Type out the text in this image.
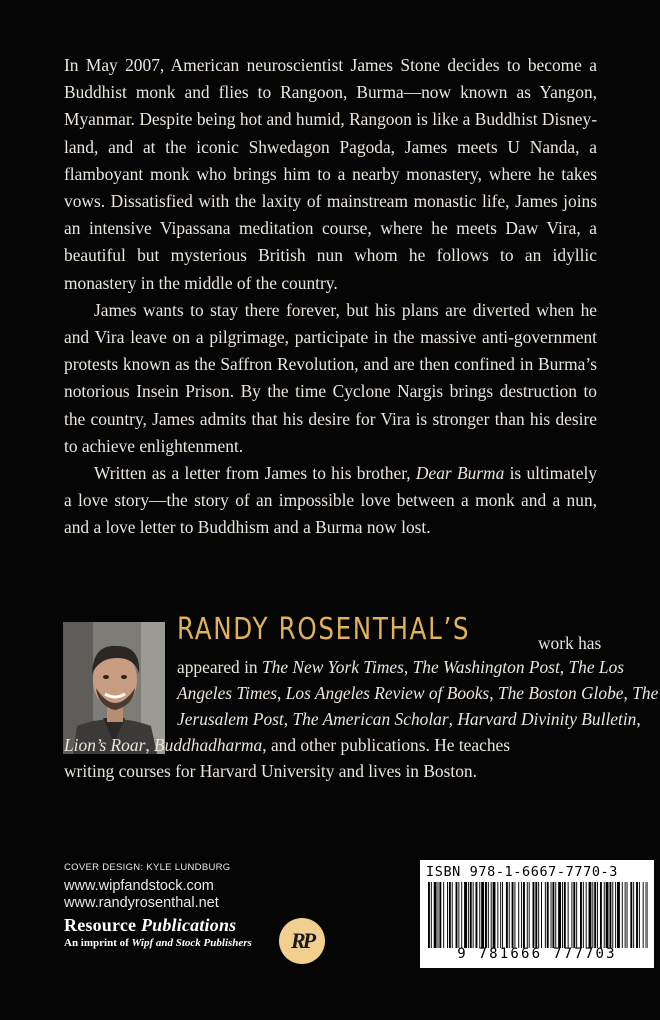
In May 2007, American neuroscientist James Stone decides to become a Buddhist monk and flies to Rangoon, Burma—now known as Yangon, Myanmar. Despite being hot and humid, Rangoon is like a Buddhist Disneyland, and at the iconic Shwedagon Pagoda, James meets U Nanda, a flamboyant monk who brings him to a nearby monastery, where he takes vows. Dissatisfied with the laxity of mainstream monastic life, James joins an intensive Vipassana meditation course, where he meets Daw Vira, a beautiful but mysterious British nun whom he follows to an idyllic monastery in the middle of the country.

James wants to stay there forever, but his plans are diverted when he and Vira leave on a pilgrimage, participate in the massive anti-government protests known as the Saffron Revolution, and are then confined in Burma’s notorious Insein Prison. By the time Cyclone Nargis brings destruction to the country, James admits that his desire for Vira is stronger than his desire to achieve enlightenment.

Written as a letter from James to his brother, Dear Burma is ultimately a love story—the story of an impossible love between a monk and a nun, and a love letter to Buddhism and a Burma now lost.

RANDY ROSENTHAL’S	work has
appeared in The New York Times, The Washington Post, The Los
Angeles Times, Los Angeles Review of Books, The Boston Globe, The
Jerusalem Post, The American Scholar, Harvard Divinity Bulletin,
Lion’s Roar, Buddhadharma, and other publications. He teaches
writing courses for Harvard University and lives in Boston.
COVER DESIGN: KYLE LUNDBURG
www.wipfandstock.com
www.randyrosenthal.net
Resource Publications
An imprint of Wipf and Stock Publishers RP
ISBN 978-1-6667-7770-3
9 781666 777703
